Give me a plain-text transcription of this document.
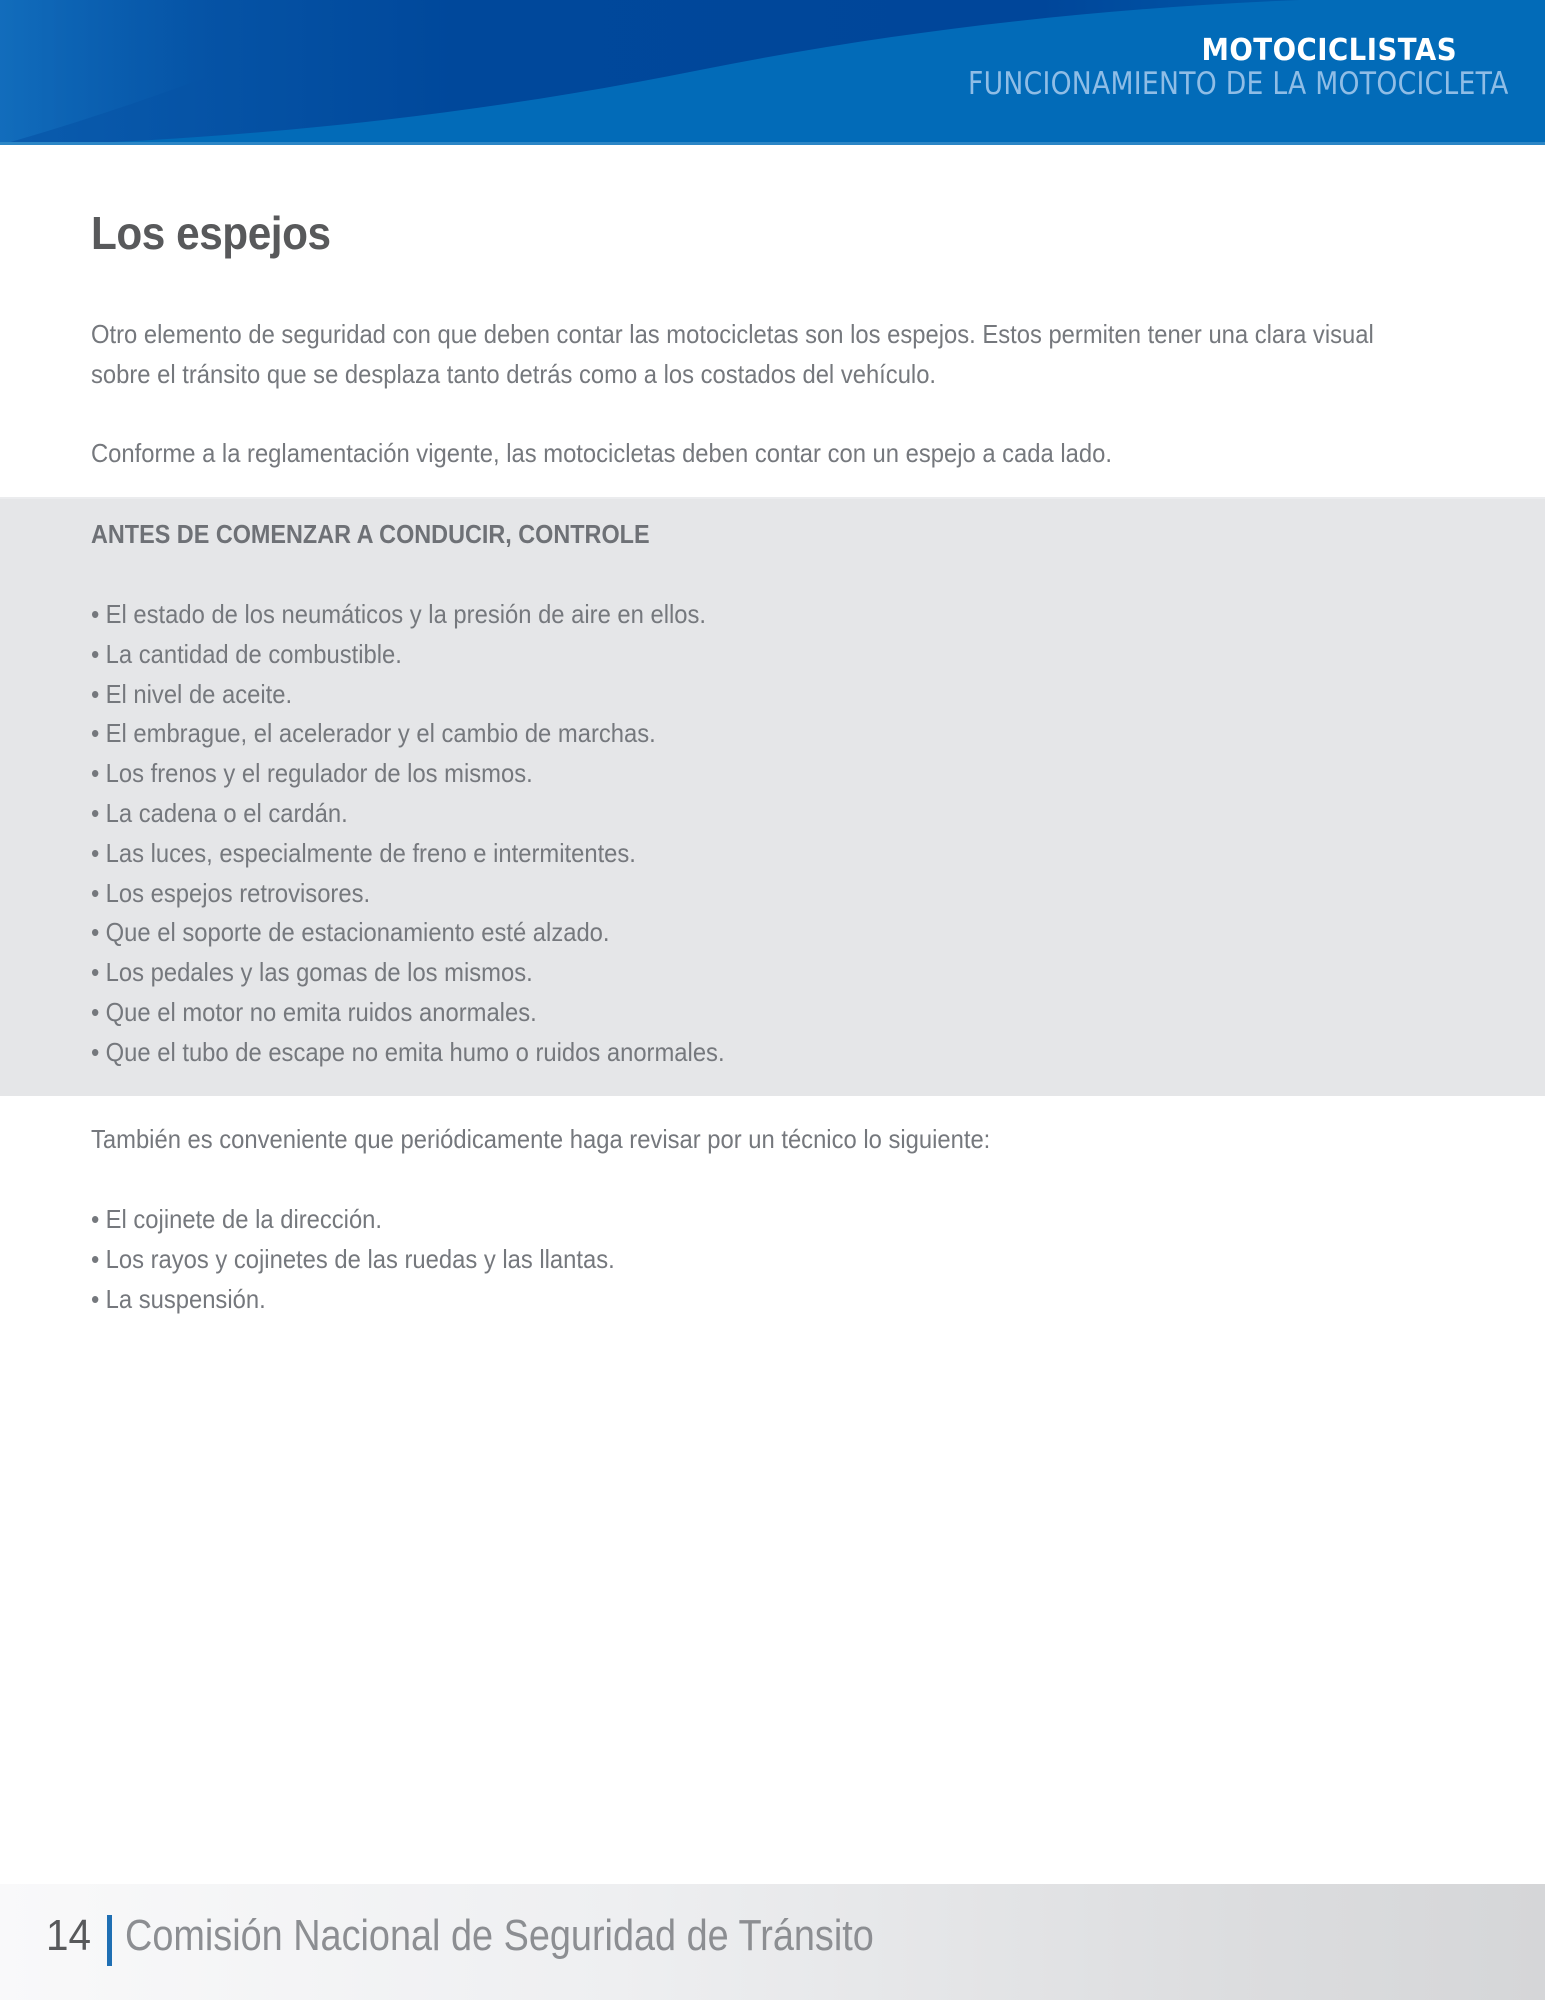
MOTOCICLISTAS
FUNCIONAMIENTO DE LA MOTOCICLETA
Los espejos

Otro elemento de seguridad con que deben contar las motocicletas son los espejos. Estos permiten tener una clara visual
sobre el tránsito que se desplaza tanto detrás como a los costados del vehículo.

Conforme a la reglamentación vigente, las motocicletas deben contar con un espejo a cada lado.

ANTES DE COMENZAR A CONDUCIR, CONTROLE
• El estado de los neumáticos y la presión de aire en ellos.
• La cantidad de combustible.
• El nivel de aceite.
• El embrague, el acelerador y el cambio de marchas.
• Los frenos y el regulador de los mismos.
• La cadena o el cardán.
• Las luces, especialmente de freno e intermitentes.
• Los espejos retrovisores.
• Que el soporte de estacionamiento esté alzado.
• Los pedales y las gomas de los mismos.
• Que el motor no emita ruidos anormales.
• Que el tubo de escape no emita humo o ruidos anormales.

También es conveniente que periódicamente haga revisar por un técnico lo siguiente:

• El cojinete de la dirección.
• Los rayos y cojinetes de las ruedas y las llantas.
• La suspensión.
14 Comisión Nacional de Seguridad de Tránsito
